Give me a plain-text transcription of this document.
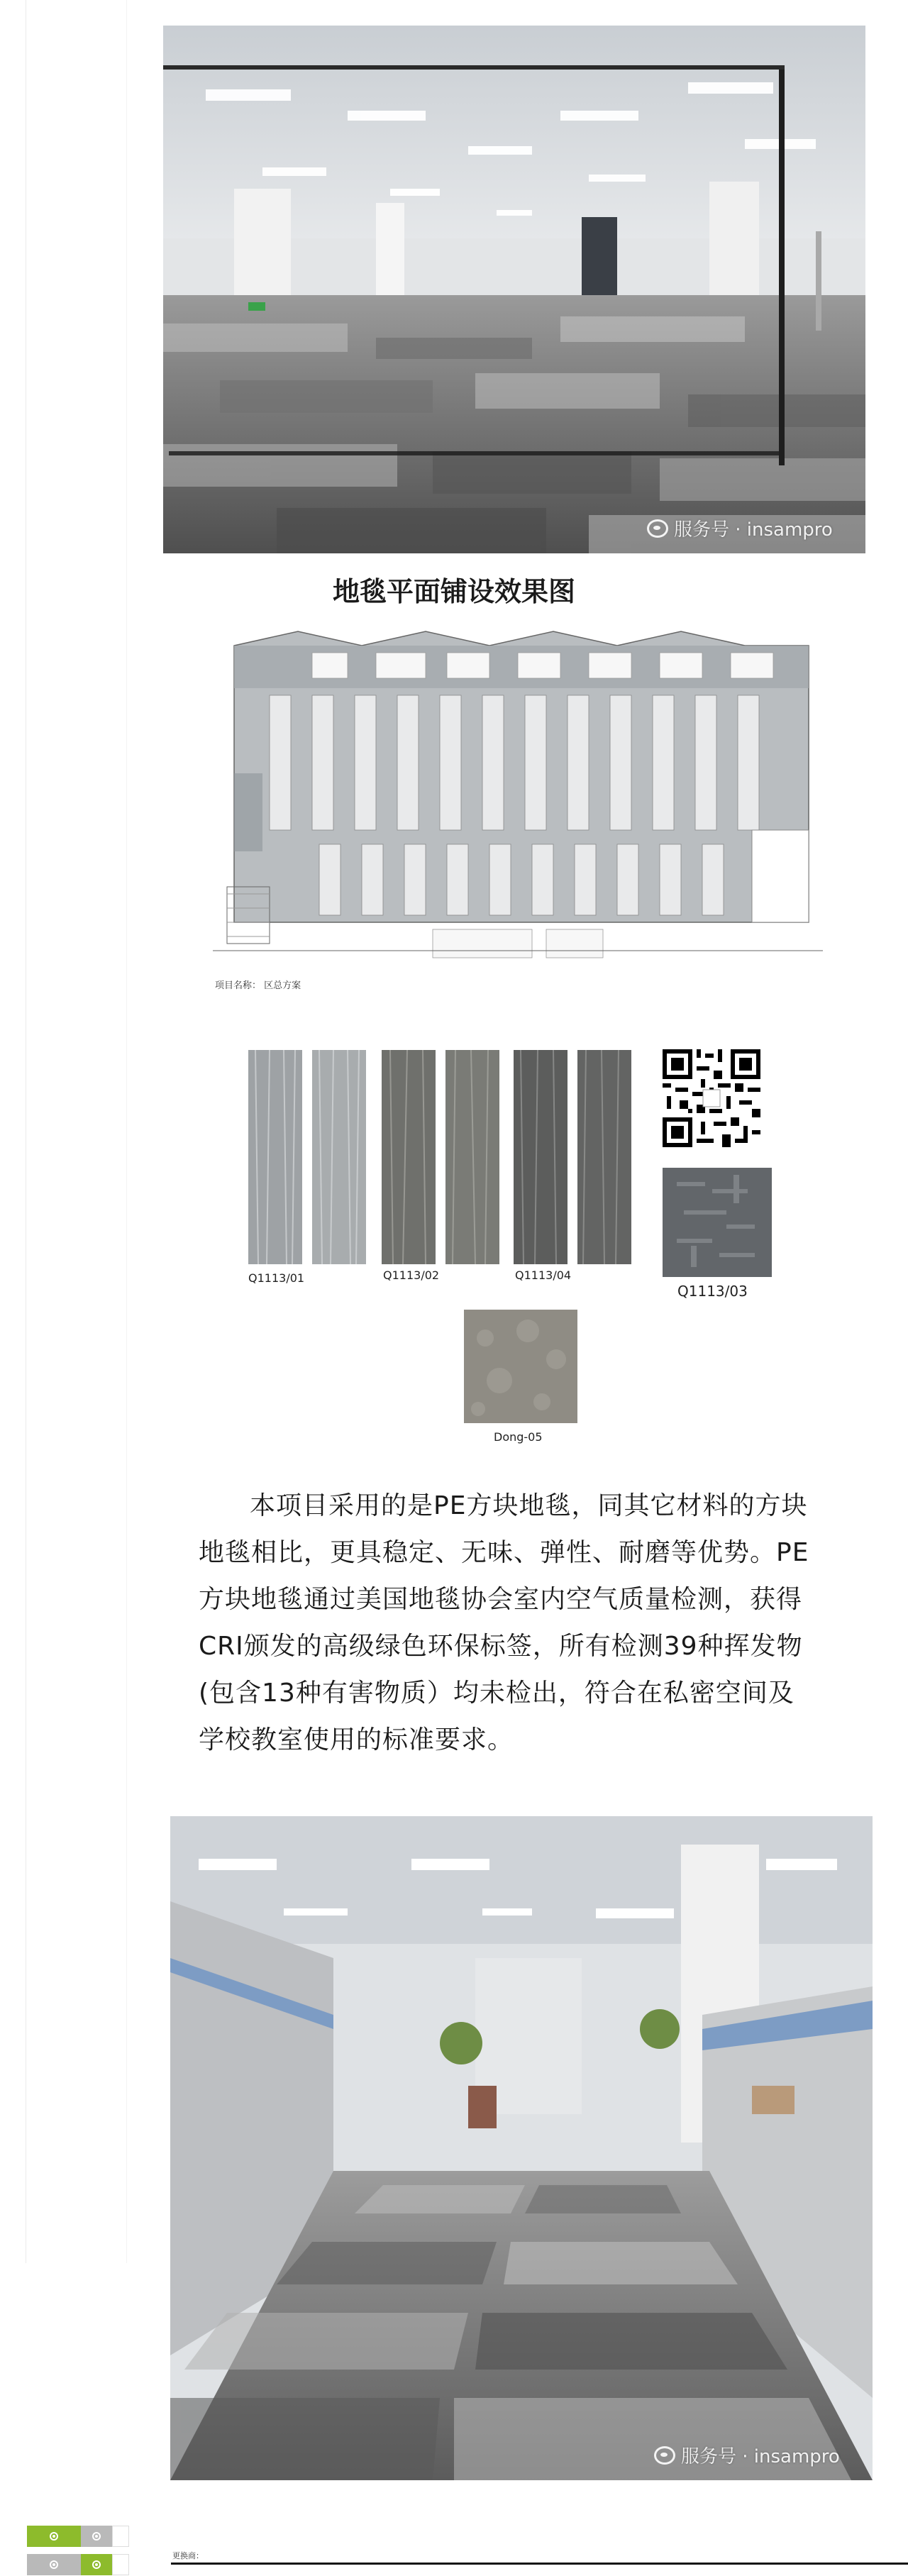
服务号 · insampro
地毯平面铺设效果图
项目名称： 区总方案
Q1113/01	Q1113/02	Q1113/04
Q1113/03
Dong-05

本项目采用的是PE方块地毯，同其它材料的方块地毯相比，更具稳定、无味、弹性、耐磨等优势。PE方块地毯通过美国地毯协会室内空气质量检测，获得CRI颁发的高级绿色环保标签，所有检测39种挥发物(包含13种有害物质）均未检出，符合在私密空间及学校教室使用的标准要求。

服务号 · insampro
更换商：
